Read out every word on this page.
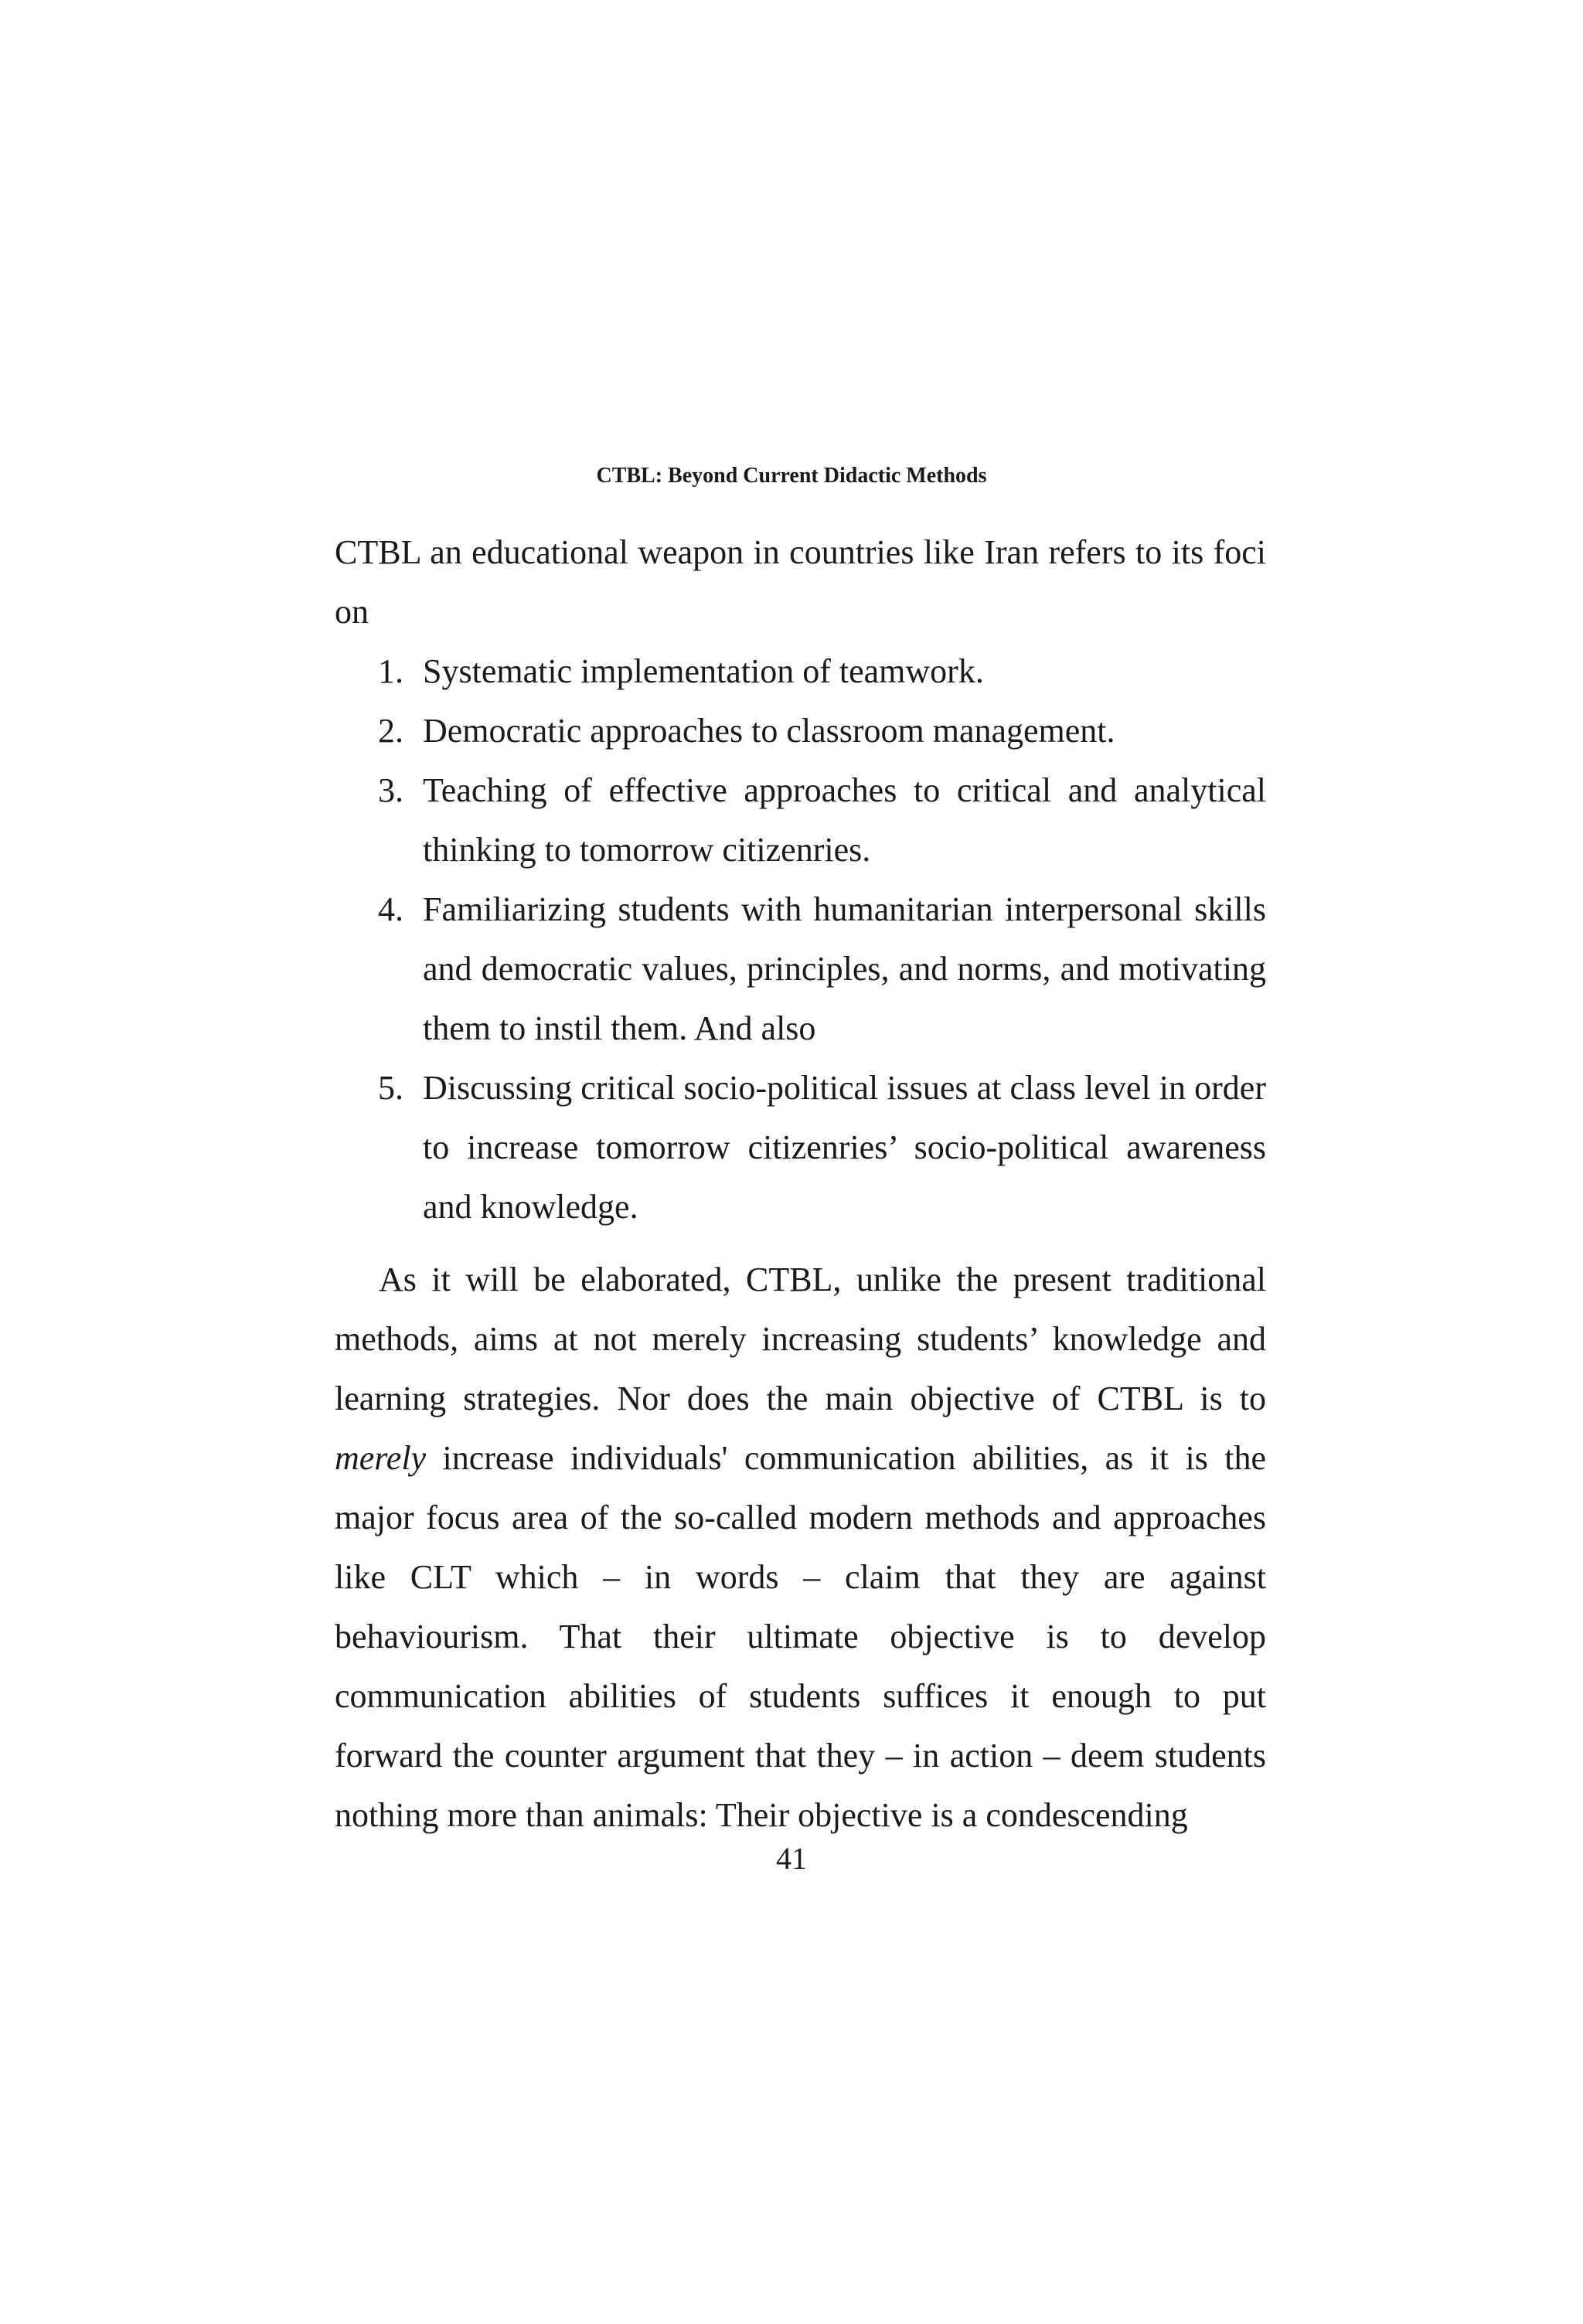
CTBL: Beyond Current Didactic Methods

CTBL an educational weapon in countries like Iran refers to its foci on

1. Systematic implementation of teamwork.
2. Democratic approaches to classroom management.
3. Teaching of effective approaches to critical and analytical thinking to tomorrow citizenries.
4. Familiarizing students with humanitarian interpersonal skills and democratic values, principles, and norms, and motivating them to instil them. And also
5. Discussing critical socio-political issues at class level in order to increase tomorrow citizenries’ socio-political awareness and knowledge.

As it will be elaborated, CTBL, unlike the present traditional methods, aims at not merely increasing students’ knowledge and learning strategies. Nor does the main objective of CTBL is to merely increase individuals' communication abilities, as it is the major focus area of the so-called modern methods and approaches like CLT which – in words – claim that they are against behaviourism. That their ultimate objective is to develop communication abilities of students suffices it enough to put forward the counter argument that they – in action – deem students nothing more than animals: Their objective is a condescending

41
